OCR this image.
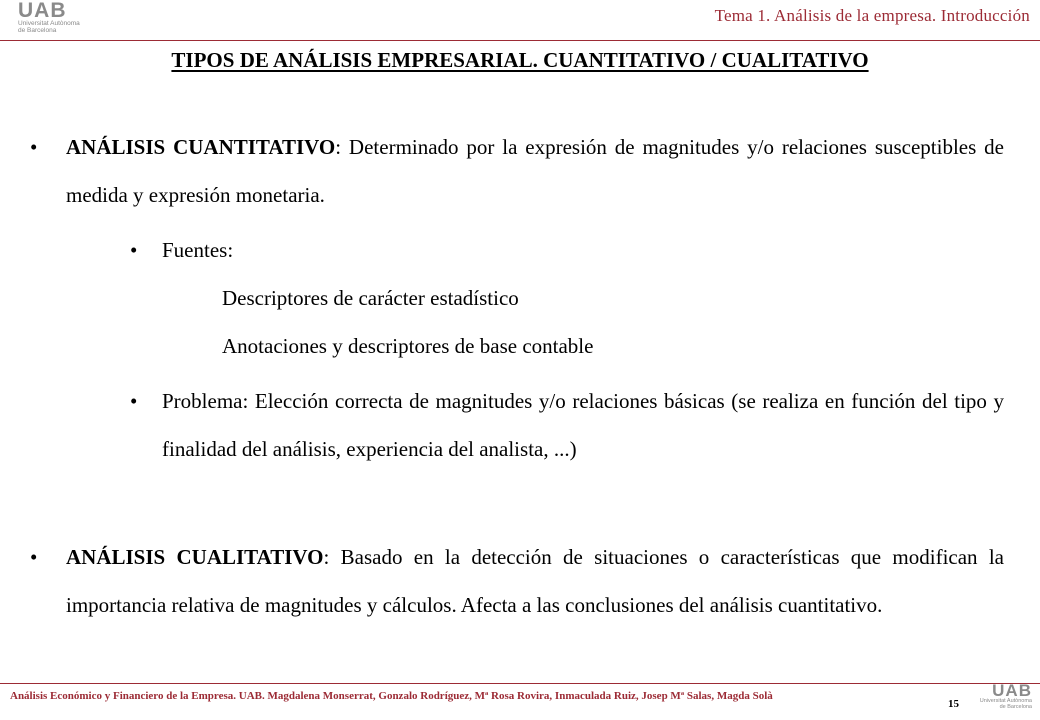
UAB
Universitat Autònoma
de Barcelona
Tema 1. Análisis de la empresa. Introducción
TIPOS DE ANÁLISIS EMPRESARIAL. CUANTITATIVO / CUALITATIVO
• ANÁLISIS CUANTITATIVO: Determinado por la expresión de magnitudes y/o relaciones susceptibles de medida y expresión monetaria.
• Fuentes:
Descriptores de carácter estadístico
Anotaciones y descriptores de base contable
• Problema: Elección correcta de magnitudes y/o relaciones básicas (se realiza en función del tipo y finalidad del análisis, experiencia del analista, ...)
• ANÁLISIS CUALITATIVO: Basado en la detección de situaciones o características que modifican la importancia relativa de magnitudes y cálculos. Afecta a las conclusiones del análisis cuantitativo.
Análisis Económico y Financiero de la Empresa. UAB. Magdalena Monserrat, Gonzalo Rodríguez, Mª Rosa Rovira, Inmaculada Ruiz, Josep Mª Salas, Magda Solà
15
UAB
Universitat Autònoma
de Barcelona
